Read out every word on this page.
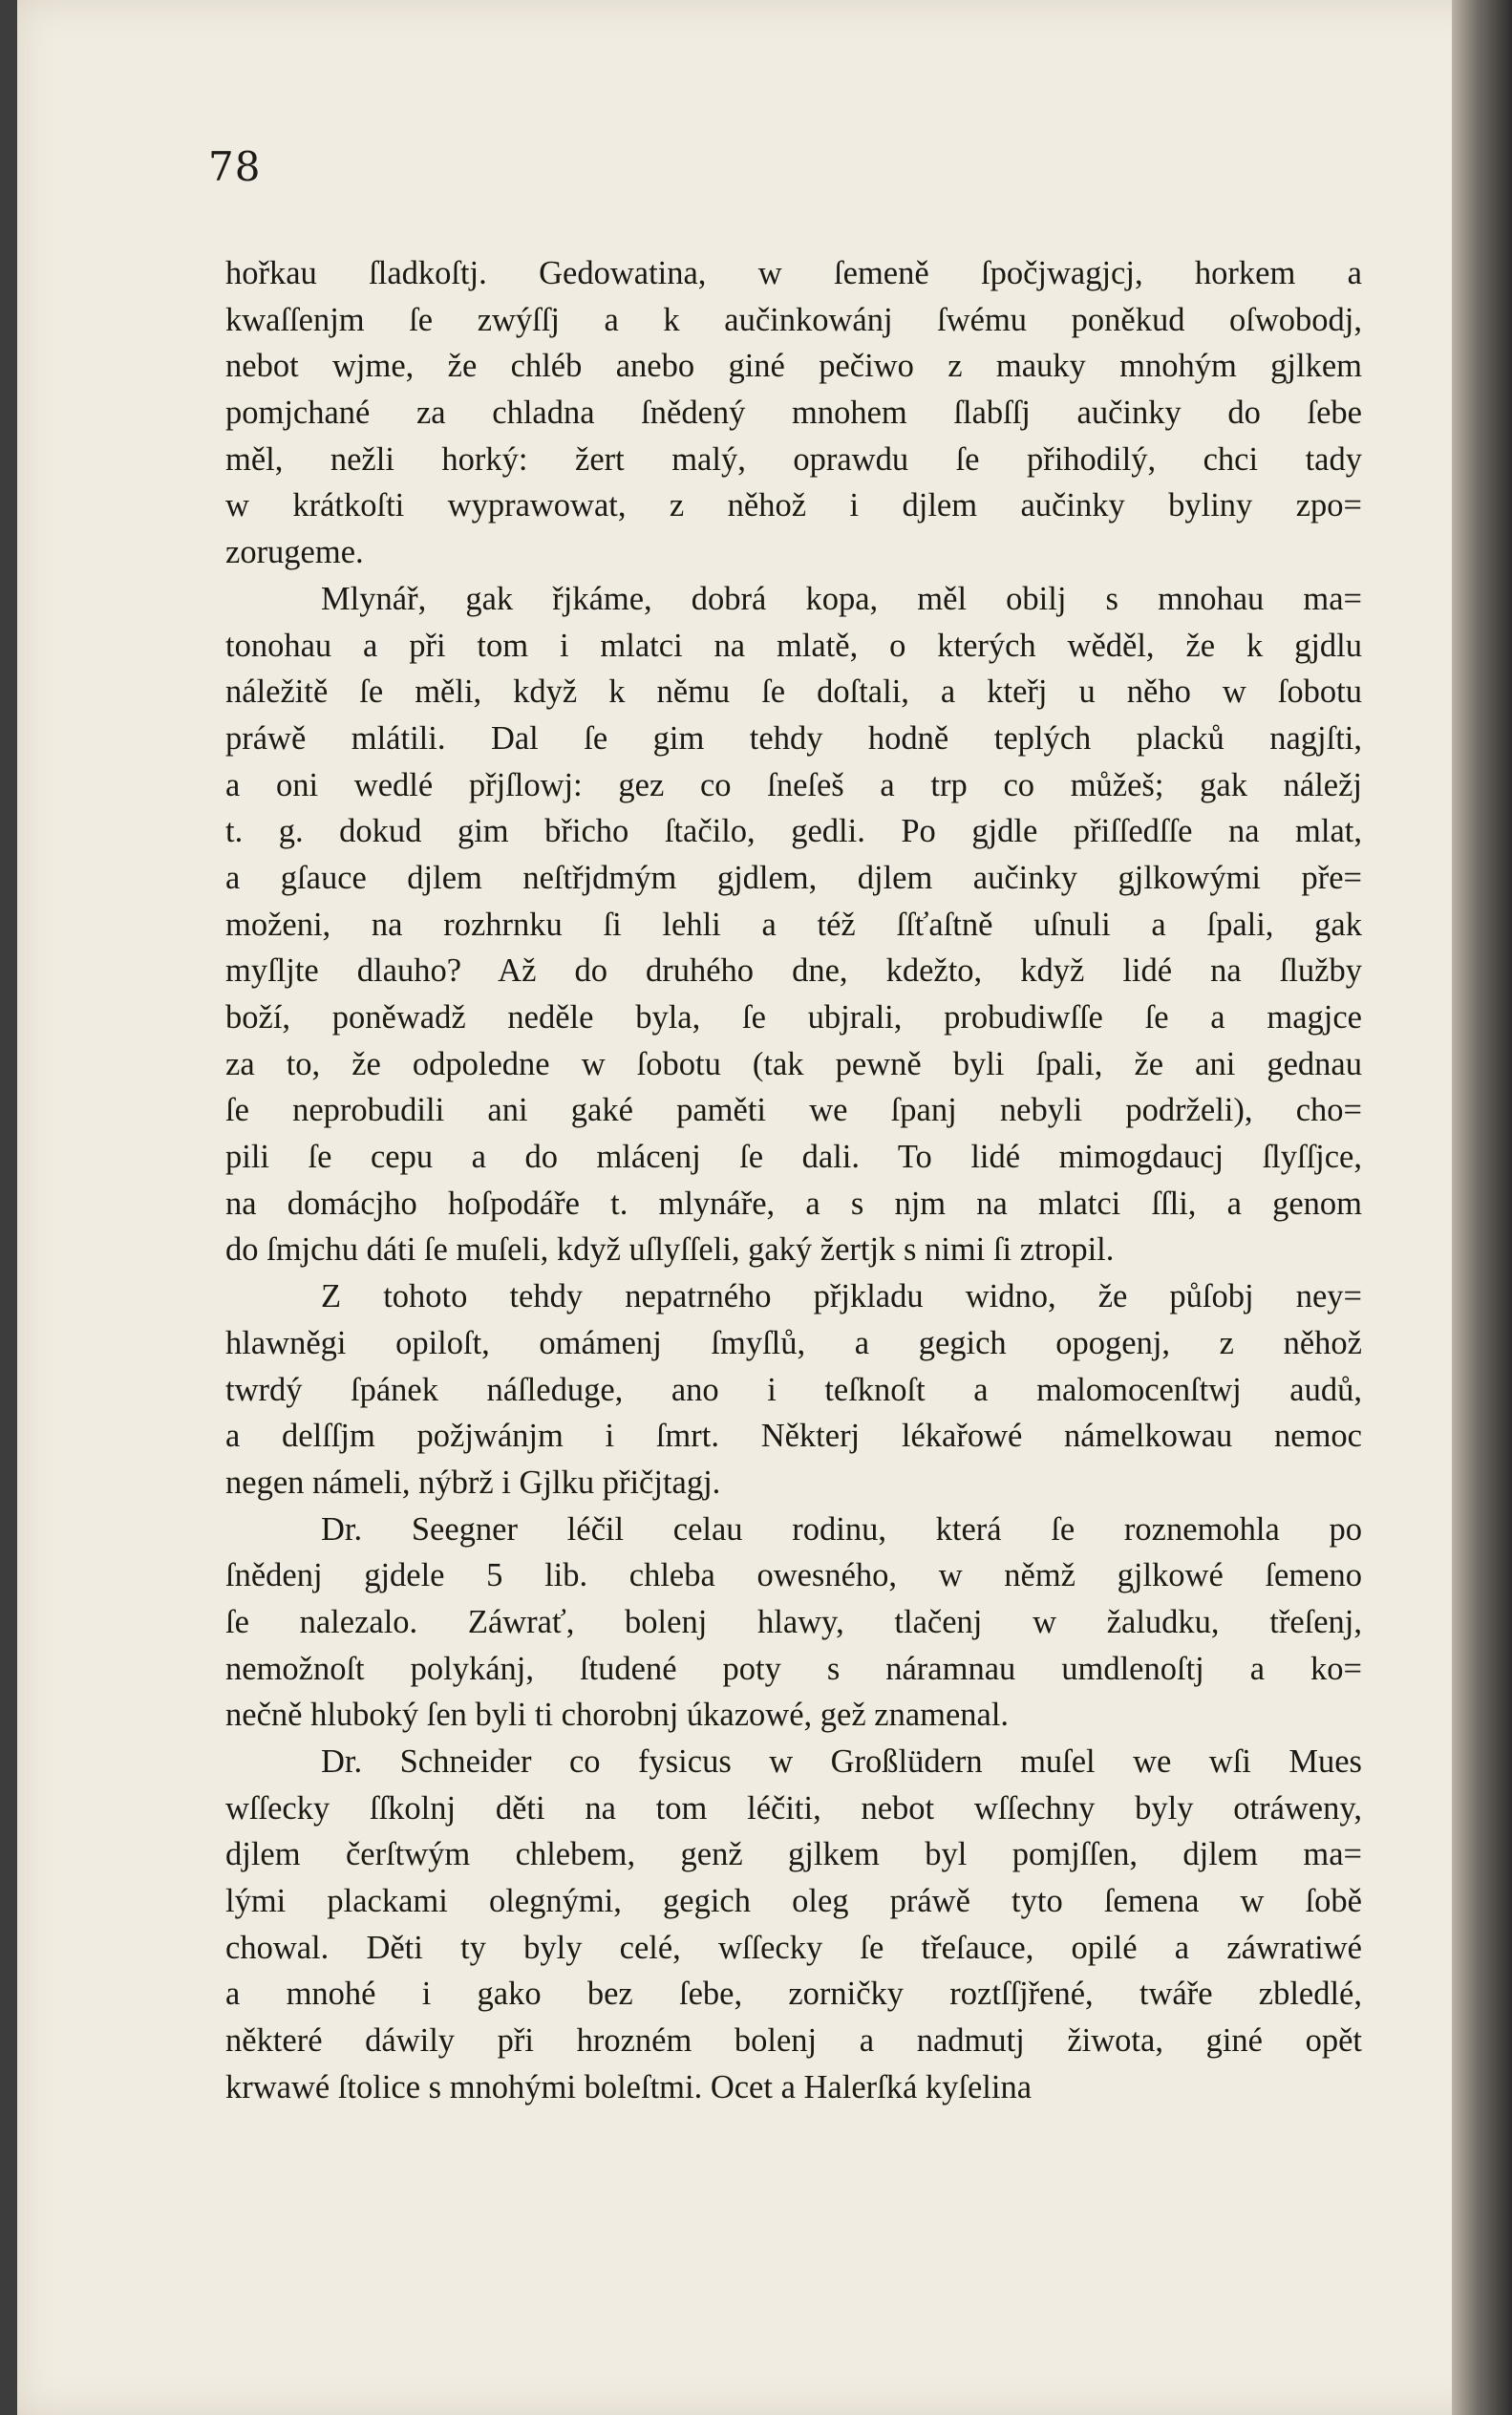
78
hořkau ſladkoſtj. Gedowatina, w ſemeně ſpočjwagjcj, horkem a
kwaſſenjm ſe zwýſſj a k aučinkowánj ſwému poněkud oſwobodj,
nebot wjme, že chléb anebo giné pečiwo z mauky mnohým gjlkem
pomjchané za chladna ſnědený mnohem ſlabſſj aučinky do ſebe
měl, nežli horký: žert malý, oprawdu ſe přihodilý, chci tady
w krátkoſti wyprawowat, z něhož i djlem aučinky byliny zpo=
zorugeme.
Mlynář, gak řjkáme, dobrá kopa, měl obilj s mnohau ma=
tonohau a při tom i mlatci na mlatě, o kterých wěděl, že k gjdlu
náležitě ſe měli, když k němu ſe doſtali, a kteřj u něho w ſobotu
práwě mlátili. Dal ſe gim tehdy hodně teplých placků nagjſti,
a oni wedlé přjſlowj: gez co ſneſeš a trp co můžeš; gak náležj
t. g. dokud gim břicho ſtačilo, gedli. Po gjdle přiſſedſſe na mlat,
a gſauce djlem neſtřjdmým gjdlem, djlem aučinky gjlkowými pře=
moženi, na rozhrnku ſi lehli a též ſſťaſtně uſnuli a ſpali, gak
myſljte dlauho? Až do druhého dne, kdežto, když lidé na ſlužby
boží, poněwadž neděle byla, ſe ubjrali, probudiwſſe ſe a magjce
za to, že odpoledne w ſobotu (tak pewně byli ſpali, že ani gednau
ſe neprobudili ani gaké paměti we ſpanj nebyli podrželi), cho=
pili ſe cepu a do mlácenj ſe dali. To lidé mimogdaucj ſlyſſjce,
na domácjho hoſpodáře t. mlynáře, a s njm na mlatci ſſli, a genom
do ſmjchu dáti ſe muſeli, když uſlyſſeli, gaký žertjk s nimi ſi ztropil.
Z tohoto tehdy nepatrného přjkladu widno, že půſobj ney=
hlawněgi opiloſt, omámenj ſmyſlů, a gegich opogenj, z něhož
twrdý ſpánek náſleduge, ano i teſknoſt a malomocenſtwj audů,
a delſſjm požjwánjm i ſmrt. Některj lékařowé námelkowau nemoc
negen námeli, nýbrž i Gjlku přičjtagj.
Dr. Seegner léčil celau rodinu, která ſe roznemohla po
ſnědenj gjdele 5 lib. chleba owesného, w němž gjlkowé ſemeno
ſe nalezalo. Záwrať, bolenj hlawy, tlačenj w žaludku, třeſenj,
nemožnoſt polykánj, ſtudené poty s náramnau umdlenoſtj a ko=
nečně hluboký ſen byli ti chorobnj úkazowé, gež znamenal.
Dr. Schneider co fysicus w Großlüdern muſel we wſi Mues
wſſecky ſſkolnj děti na tom léčiti, nebot wſſechny byly otráweny,
djlem čerſtwým chlebem, genž gjlkem byl pomjſſen, djlem ma=
lými plackami olegnými, gegich oleg práwě tyto ſemena w ſobě
chowal. Děti ty byly celé, wſſecky ſe třeſauce, opilé a záwratiwé
a mnohé i gako bez ſebe, zorničky roztſſjřené, twáře zbledlé,
některé dáwily při hrozném bolenj a nadmutj žiwota, giné opět
krwawé ſtolice s mnohými boleſtmi. Ocet a Halerſká kyſelina
